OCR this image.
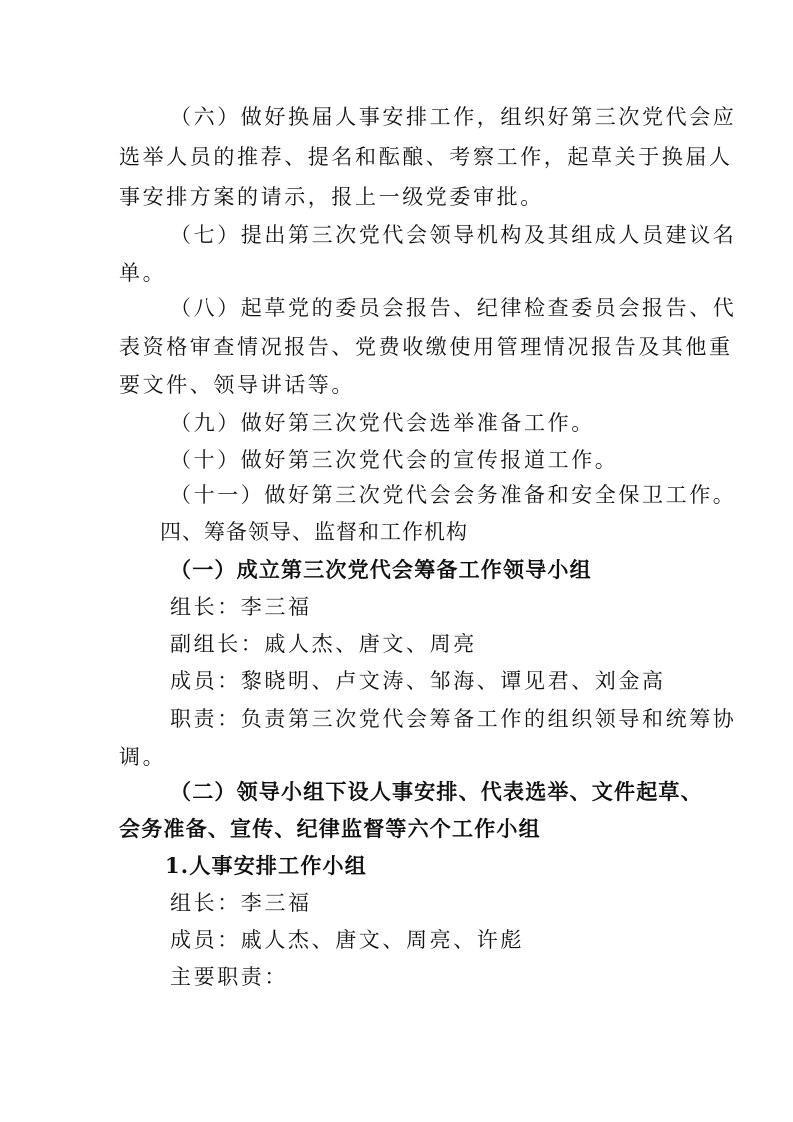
（六）做好换届人事安排工作，组织好第三次党代会应
选举人员的推荐、提名和酝酿、考察工作，起草关于换届人
事安排方案的请示，报上一级党委审批。
（七）提出第三次党代会领导机构及其组成人员建议名
单。
（八）起草党的委员会报告、纪律检查委员会报告、代
表资格审查情况报告、党费收缴使用管理情况报告及其他重
要文件、领导讲话等。
（九）做好第三次党代会选举准备工作。
（十）做好第三次党代会的宣传报道工作。
（十一）做好第三次党代会会务准备和安全保卫工作。
四、筹备领导、监督和工作机构
（一）成立第三次党代会筹备工作领导小组
组长：李三福
副组长：戚人杰、唐文、周亮
成员：黎晓明、卢文涛、邹海、谭见君、刘金高
职责：负责第三次党代会筹备工作的组织领导和统筹协
调。
（二）领导小组下设人事安排、代表选举、文件起草、
会务准备、宣传、纪律监督等六个工作小组
1.人事安排工作小组
组长：李三福
成员：戚人杰、唐文、周亮、许彪
主要职责：
